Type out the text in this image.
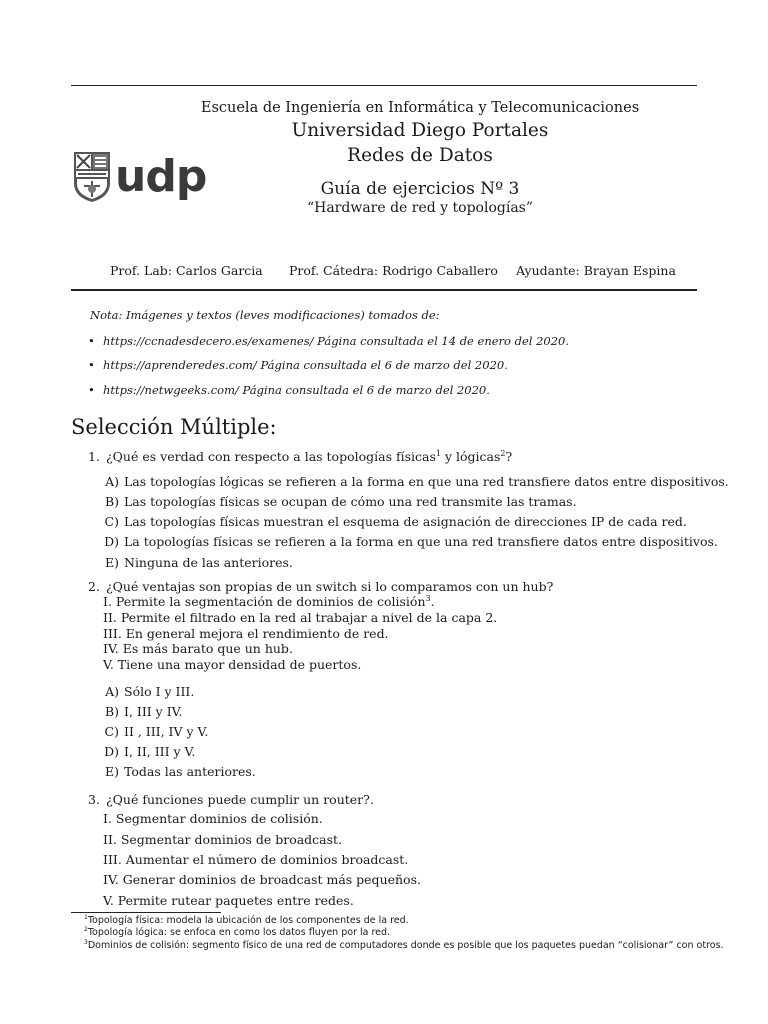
udp
Escuela de Ingeniería en Informática y Telecomunicaciones
Universidad Diego Portales
Redes de Datos
Guía de ejercicios Nº 3
“Hardware de red y topologías”
Prof. Lab: Carlos Garcia Prof. Cátedra: Rodrigo Caballero Ayudante: Brayan Espina
Nota: Imágenes y textos (leves modificaciones) tomados de:
• https://ccnadesdecero.es/examenes/ Página consultada el 14 de enero del 2020.
• https://aprenderedes.com/ Página consultada el 6 de marzo del 2020.
• https://netwgeeks.com/ Página consultada el 6 de marzo del 2020.
Selección Múltiple:
1. ¿Qué es verdad con respecto a las topologías físicas$^1$ y lógicas$^2$?
A) Las topologías lógicas se refieren a la forma en que una red transfiere datos entre dispositivos.
B) Las topologías físicas se ocupan de cómo una red transmite las tramas.
C) Las topologías físicas muestran el esquema de asignación de direcciones IP de cada red.
D) La topologías físicas se refieren a la forma en que una red transfiere datos entre dispositivos.
E) Ninguna de las anteriores.
2. ¿Qué ventajas son propias de un switch si lo comparamos con un hub?
I. Permite la segmentación de dominios de colisión$^3$.
II. Permite el filtrado en la red al trabajar a nivel de la capa 2.
III. En general mejora el rendimiento de red.
IV. Es más barato que un hub.
V. Tiene una mayor densidad de puertos.
A) Sólo I y III.
B) I, III y IV.
C) II , III, IV y V.
D) I, II, III y V.
E) Todas las anteriores.
3. ¿Qué funciones puede cumplir un router?.
I. Segmentar dominios de colisión.
II. Segmentar dominios de broadcast.
III. Aumentar el número de dominios broadcast.
IV. Generar dominios de broadcast más pequeños.
V. Permite rutear paquetes entre redes.
$^1$Topología física: modela la ubicación de los componentes de la red.
$^2$Topología lógica: se enfoca en como los datos fluyen por la red.
$^3$Dominios de colisión: segmento físico de una red de computadores donde es posible que los paquetes puedan “colisionar” con otros.
